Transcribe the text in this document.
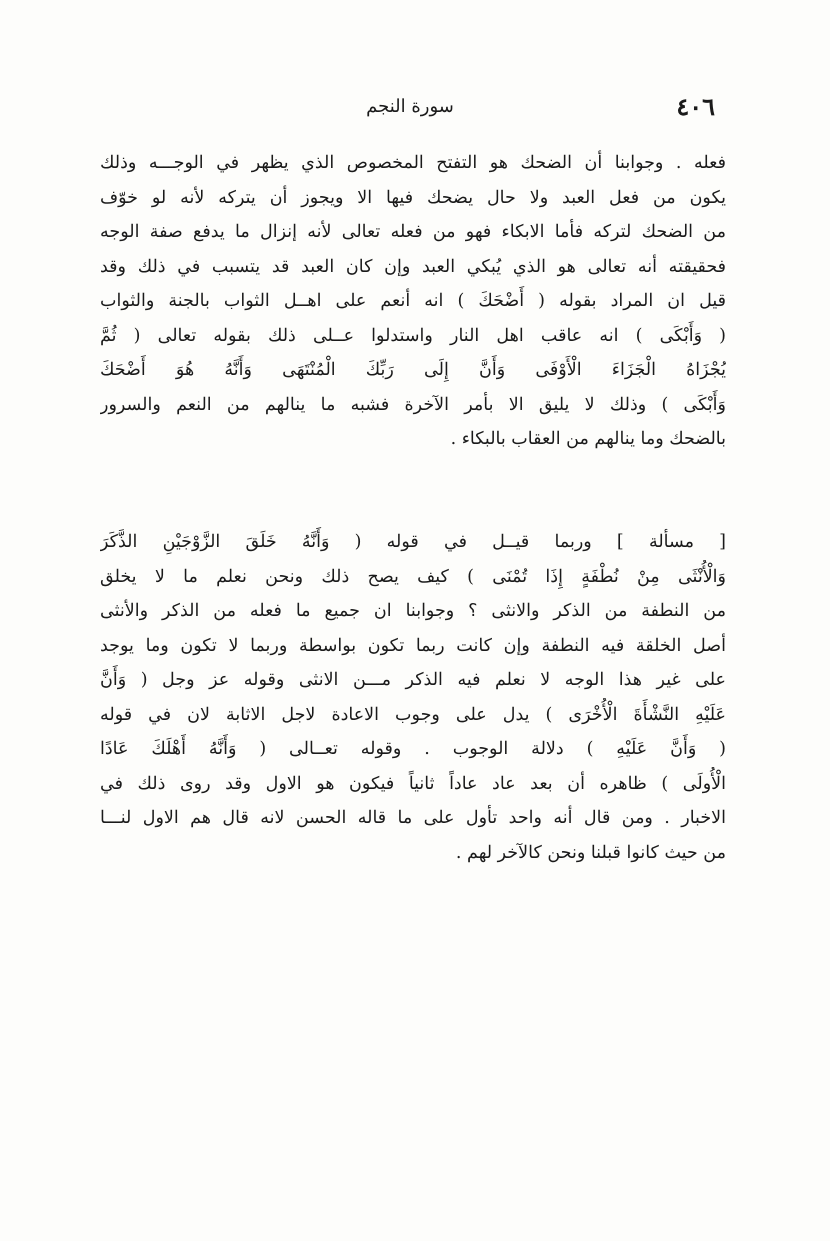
٤٠٦
سورة النجم
فعله . وجوابنا أن الضحك هو التفتح المخصوص الذي يظهر في الوجـــه وذلك
يكون من فعل العبد ولا حال يضحك فيها الا ويجوز أن يتركه لأنه لو خوّف
من الضحك لتركه فأما الابكاء فهو من فعله تعالى لأنه إنزال ما يدفع صفة الوجه
فحقيقته أنه تعالى هو الذي يُبكي العبد وإن كان العبد قد يتسبب في ذلك وقد
قيل ان المراد بقوله ( أَضْحَكَ ) انه أنعم على اهــل الثواب بالجنة والثواب
( وَأَبْكَى ) انه عاقب اهل النار واستدلوا عــلى ذلك بقوله تعالى ( ثُمَّ
يُجْزَاهُ الْجَزَاءَ الْأَوْفَى وَأَنَّ إِلَى رَبِّكَ الْمُنْتَهَى وَأَنَّهُ هُوَ أَضْحَكَ
وَأَبْكَى ) وذلك لا يليق الا بأمر الآخرة فشبه ما ينالهم من النعم والسرور
بالضحك وما ينالهم من العقاب بالبكاء .
[ مسألة ] وربما قيــل في قوله ( وَأَنَّهُ خَلَقَ الزَّوْجَيْنِ الذَّكَرَ
وَالْأُنْثَى مِنْ نُطْفَةٍ إِذَا تُمْنَى ) كيف يصح ذلك ونحن نعلم ما لا يخلق
من النطفة من الذكر والانثى ؟ وجوابنا ان جميع ما فعله من الذكر والأنثى
أصل الخلقة فيه النطفة وإن كانت ربما تكون بواسطة وربما لا تكون وما يوجد
على غير هذا الوجه لا نعلم فيه الذكر مـــن الانثى وقوله عز وجل ( وَأَنَّ
عَلَيْهِ النَّشْأَةَ الْأُخْرَى ) يدل على وجوب الاعادة لاجل الاثابة لان في قوله
( وَأَنَّ عَلَيْهِ ) دلالة الوجوب . وقوله تعــالى ( وَأَنَّهُ أَهْلَكَ عَادًا
الْأُولَى ) ظاهره أن بعد عاد عاداً ثانياً فيكون هو الاول وقد روى ذلك في
الاخبار . ومن قال أنه واحد تأول على ما قاله الحسن لانه قال هم الاول لنـــا
من حيث كانوا قبلنا ونحن كالآخر لهم .
